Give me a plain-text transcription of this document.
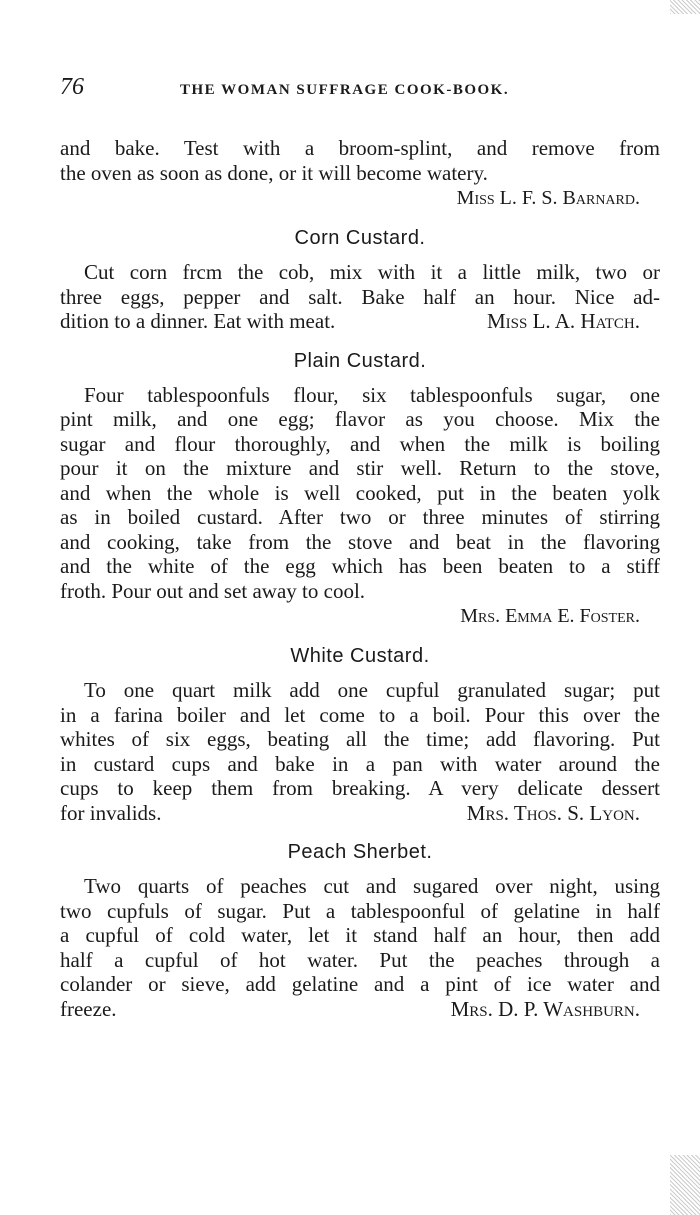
76	THE WOMAN SUFFRAGE COOK-BOOK.
and bake. Test with a broom-splint, and remove from
the oven as soon as done, or it will become watery.
Miss L. F. S. Barnard.
Corn Custard.
Cut corn frcm the cob, mix with it a little milk, two or
three eggs, pepper and salt. Bake half an hour. Nice ad-
dition to a dinner. Eat with meat.	Miss L. A. Hatch.
Plain Custard.
Four tablespoonfuls flour, six tablespoonfuls sugar, one
pint milk, and one egg; flavor as you choose. Mix the
sugar and flour thoroughly, and when the milk is boiling
pour it on the mixture and stir well. Return to the stove,
and when the whole is well cooked, put in the beaten yolk
as in boiled custard. After two or three minutes of stirring
and cooking, take from the stove and beat in the flavoring
and the white of the egg which has been beaten to a stiff
froth. Pour out and set away to cool.
Mrs. Emma E. Foster.
White Custard.
To one quart milk add one cupful granulated sugar; put
in a farina boiler and let come to a boil. Pour this over the
whites of six eggs, beating all the time; add flavoring. Put
in custard cups and bake in a pan with water around the
cups to keep them from breaking. A very delicate dessert
for invalids.	Mrs. Thos. S. Lyon.
Peach Sherbet.
Two quarts of peaches cut and sugared over night, using
two cupfuls of sugar. Put a tablespoonful of gelatine in half
a cupful of cold water, let it stand half an hour, then add
half a cupful of hot water. Put the peaches through a
colander or sieve, add gelatine and a pint of ice water and
freeze.	Mrs. D. P. Washburn.
